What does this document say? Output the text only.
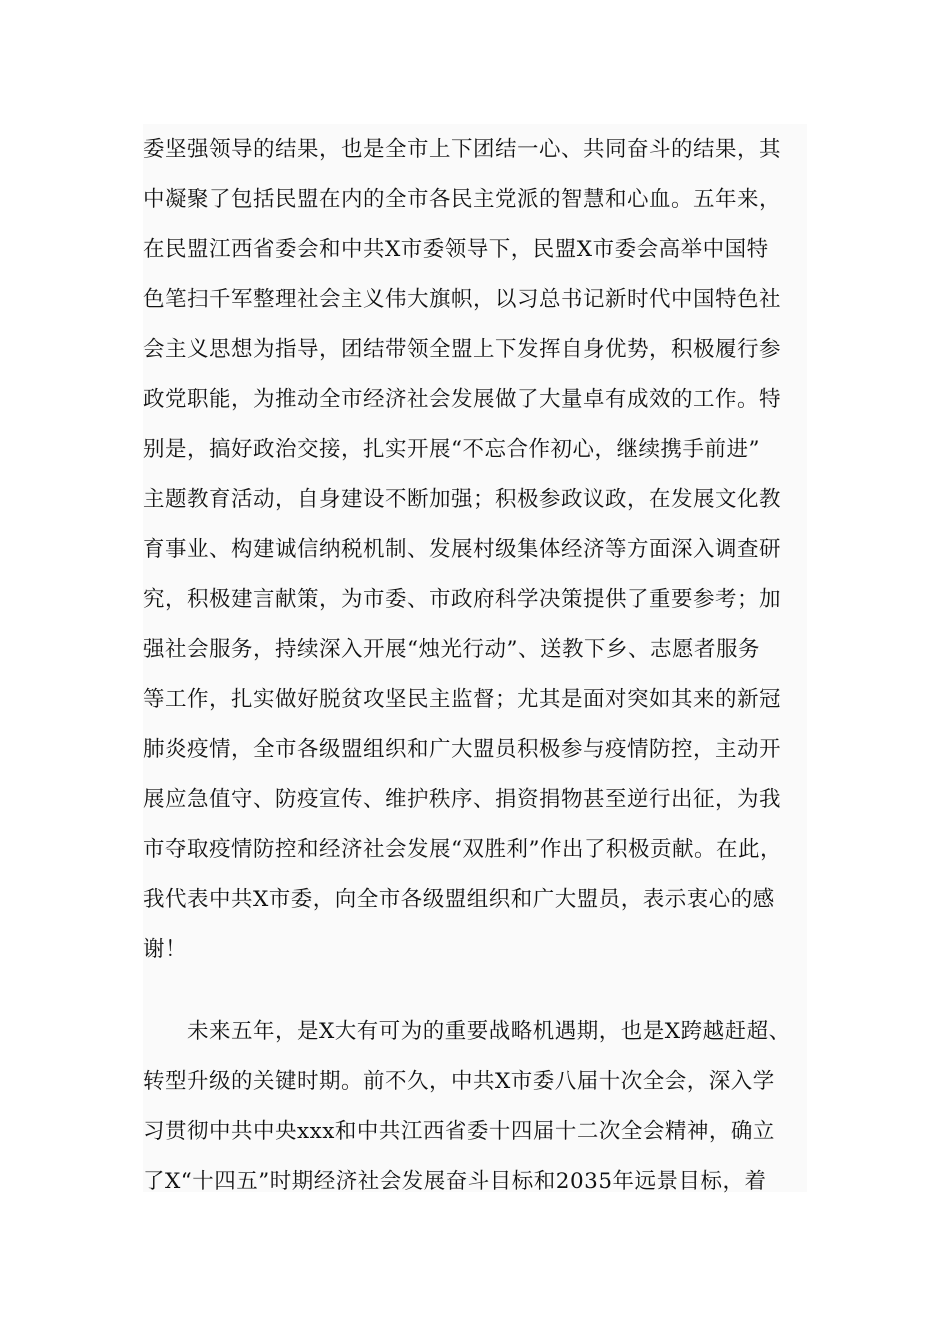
委坚强领导的结果，也是全市上下团结一心、共同奋斗的结果，其
中凝聚了包括民盟在内的全市各民主党派的智慧和心血。五年来，
在民盟江西省委会和中共X市委领导下，民盟X市委会高举中国特
色笔扫千军整理社会主义伟大旗帜，以习总书记新时代中国特色社
会主义思想为指导，团结带领全盟上下发挥自身优势，积极履行参
政党职能，为推动全市经济社会发展做了大量卓有成效的工作。特
别是，搞好政治交接，扎实开展“不忘合作初心，继续携手前进”
主题教育活动，自身建设不断加强；积极参政议政，在发展文化教
育事业、构建诚信纳税机制、发展村级集体经济等方面深入调查研
究，积极建言献策，为市委、市政府科学决策提供了重要参考；加
强社会服务，持续深入开展“烛光行动”、送教下乡、志愿者服务
等工作，扎实做好脱贫攻坚民主监督；尤其是面对突如其来的新冠
肺炎疫情，全市各级盟组织和广大盟员积极参与疫情防控，主动开
展应急值守、防疫宣传、维护秩序、捐资捐物甚至逆行出征，为我
市夺取疫情防控和经济社会发展“双胜利”作出了积极贡献。在此，
我代表中共X市委，向全市各级盟组织和广大盟员，表示衷心的感
谢！
　　未来五年，是X大有可为的重要战略机遇期，也是X跨越赶超、
转型升级的关键时期。前不久，中共X市委八届十次全会，深入学
习贯彻中共中央xxx和中共江西省委十四届十二次全会精神，确立
了X“十四五”时期经济社会发展奋斗目标和2035年远景目标，着
